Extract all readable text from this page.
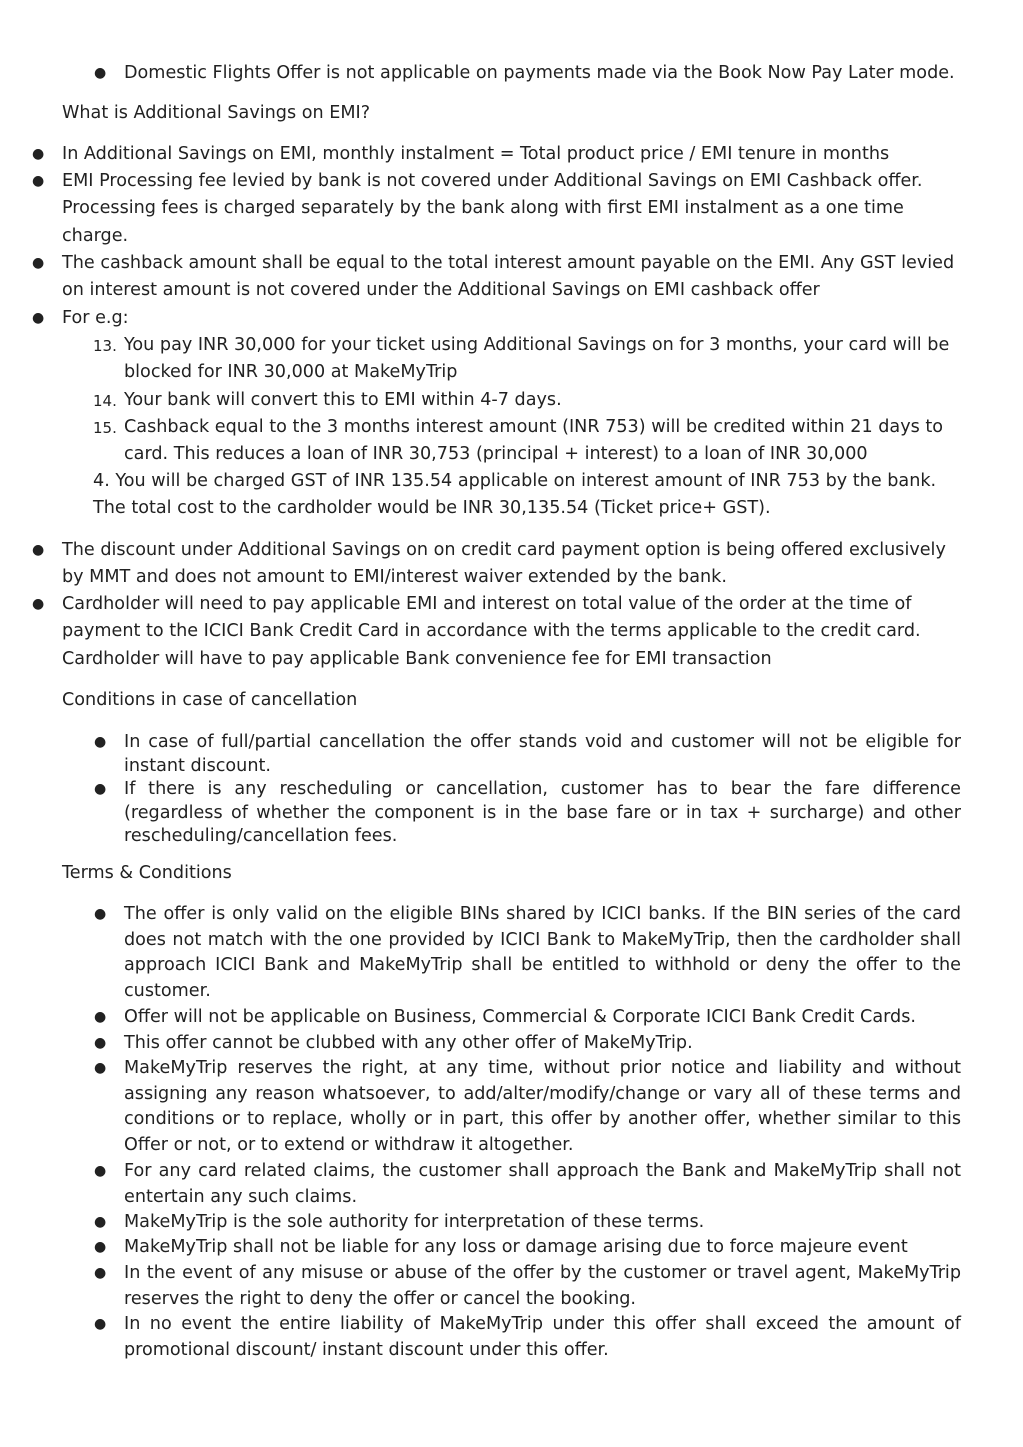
● Domestic Flights Offer is not applicable on payments made via the Book Now Pay Later mode.
What is Additional Savings on EMI?
● In Additional Savings on EMI, monthly instalment = Total product price / EMI tenure in months
● EMI Processing fee levied by bank is not covered under Additional Savings on EMI Cashback offer. Processing fees is charged separately by the bank along with first EMI instalment as a one time charge.
● The cashback amount shall be equal to the total interest amount payable on the EMI. Any GST levied on interest amount is not covered under the Additional Savings on EMI cashback offer
● For e.g:
13. You pay INR 30,000 for your ticket using Additional Savings on for 3 months, your card will be blocked for INR 30,000 at MakeMyTrip
14. Your bank will convert this to EMI within 4-7 days.
15. Cashback equal to the 3 months interest amount (INR 753) will be credited within 21 days to card. This reduces a loan of INR 30,753 (principal + interest) to a loan of INR 30,000
4. You will be charged GST of INR 135.54 applicable on interest amount of INR 753 by the bank. The total cost to the cardholder would be INR 30,135.54 (Ticket price+ GST).
● The discount under Additional Savings on on credit card payment option is being offered exclusively by MMT and does not amount to EMI/interest waiver extended by the bank.
● Cardholder will need to pay applicable EMI and interest on total value of the order at the time of payment to the ICICI Bank Credit Card in accordance with the terms applicable to the credit card. Cardholder will have to pay applicable Bank convenience fee for EMI transaction
Conditions in case of cancellation
● In case of full/partial cancellation the offer stands void and customer will not be eligible for instant discount.
● If there is any rescheduling or cancellation, customer has to bear the fare difference (regardless of whether the component is in the base fare or in tax + surcharge) and other rescheduling/cancellation fees.
Terms & Conditions
● The offer is only valid on the eligible BINs shared by ICICI banks. If the BIN series of the card does not match with the one provided by ICICI Bank to MakeMyTrip, then the cardholder shall approach ICICI Bank and MakeMyTrip shall be entitled to withhold or deny the offer to the customer.
● Offer will not be applicable on Business, Commercial & Corporate ICICI Bank Credit Cards.
● This offer cannot be clubbed with any other offer of MakeMyTrip.
● MakeMyTrip reserves the right, at any time, without prior notice and liability and without assigning any reason whatsoever, to add/alter/modify/change or vary all of these terms and conditions or to replace, wholly or in part, this offer by another offer, whether similar to this Offer or not, or to extend or withdraw it altogether.
● For any card related claims, the customer shall approach the Bank and MakeMyTrip shall not entertain any such claims.
● MakeMyTrip is the sole authority for interpretation of these terms.
● MakeMyTrip shall not be liable for any loss or damage arising due to force majeure event
● In the event of any misuse or abuse of the offer by the customer or travel agent, MakeMyTrip reserves the right to deny the offer or cancel the booking.
● In no event the entire liability of MakeMyTrip under this offer shall exceed the amount of promotional discount/ instant discount under this offer.
